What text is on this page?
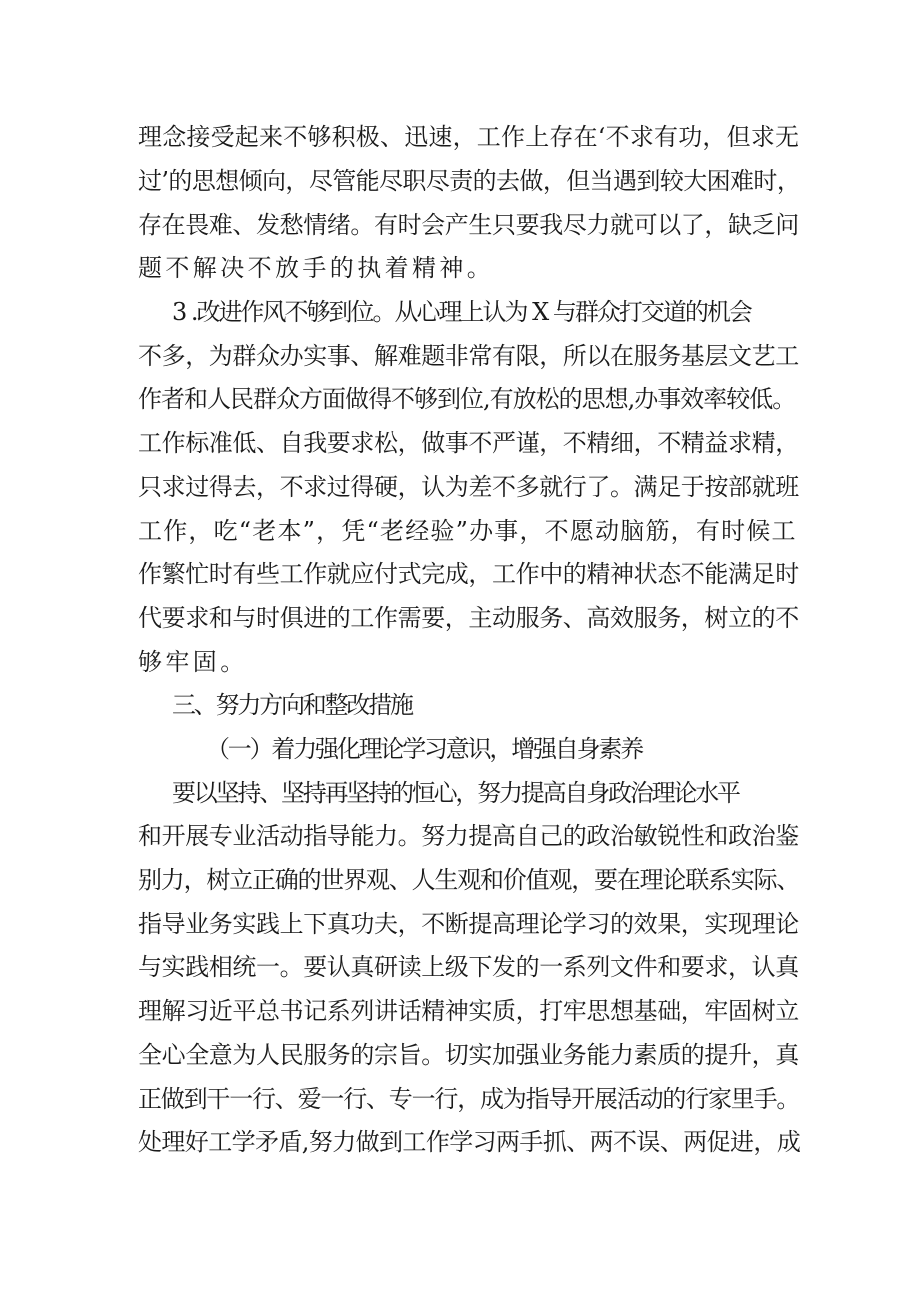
理念接受起来不够积极、迅速，工作上存在‘不求有功，但求无
过’的思想倾向，尽管能尽职尽责的去做，但当遇到较大困难时，
存在畏难、发愁情绪。有时会产生只要我尽力就可以了，缺乏问
题不解决不放手的执着精神。
3 .改进作风不够到位。从心理上认为 X 与群众打交道的机会
不多，为群众办实事、解难题非常有限，所以在服务基层文艺工
作者和人民群众方面做得不够到位,有放松的思想,办事效率较低。
工作标准低、自我要求松，做事不严谨，不精细，不精益求精，
只求过得去，不求过得硬，认为差不多就行了。满足于按部就班
工作，吃“老本”，凭“老经验”办事，不愿动脑筋，有时候工
作繁忙时有些工作就应付式完成，工作中的精神状态不能满足时
代要求和与时俱进的工作需要，主动服务、高效服务，树立的不
够牢固。
三、努力方向和整改措施
（一）着力强化理论学习意识，增强自身素养
要以坚持、坚持再坚持的恒心，努力提高自身政治理论水平
和开展专业活动指导能力。努力提高自己的政治敏锐性和政治鉴
别力，树立正确的世界观、人生观和价值观，要在理论联系实际、
指导业务实践上下真功夫，不断提高理论学习的效果，实现理论
与实践相统一。要认真研读上级下发的一系列文件和要求，认真
理解习近平总书记系列讲话精神实质，打牢思想基础，牢固树立
全心全意为人民服务的宗旨。切实加强业务能力素质的提升，真
正做到干一行、爱一行、专一行，成为指导开展活动的行家里手。
处理好工学矛盾,努力做到工作学习两手抓、两不误、两促进，成
